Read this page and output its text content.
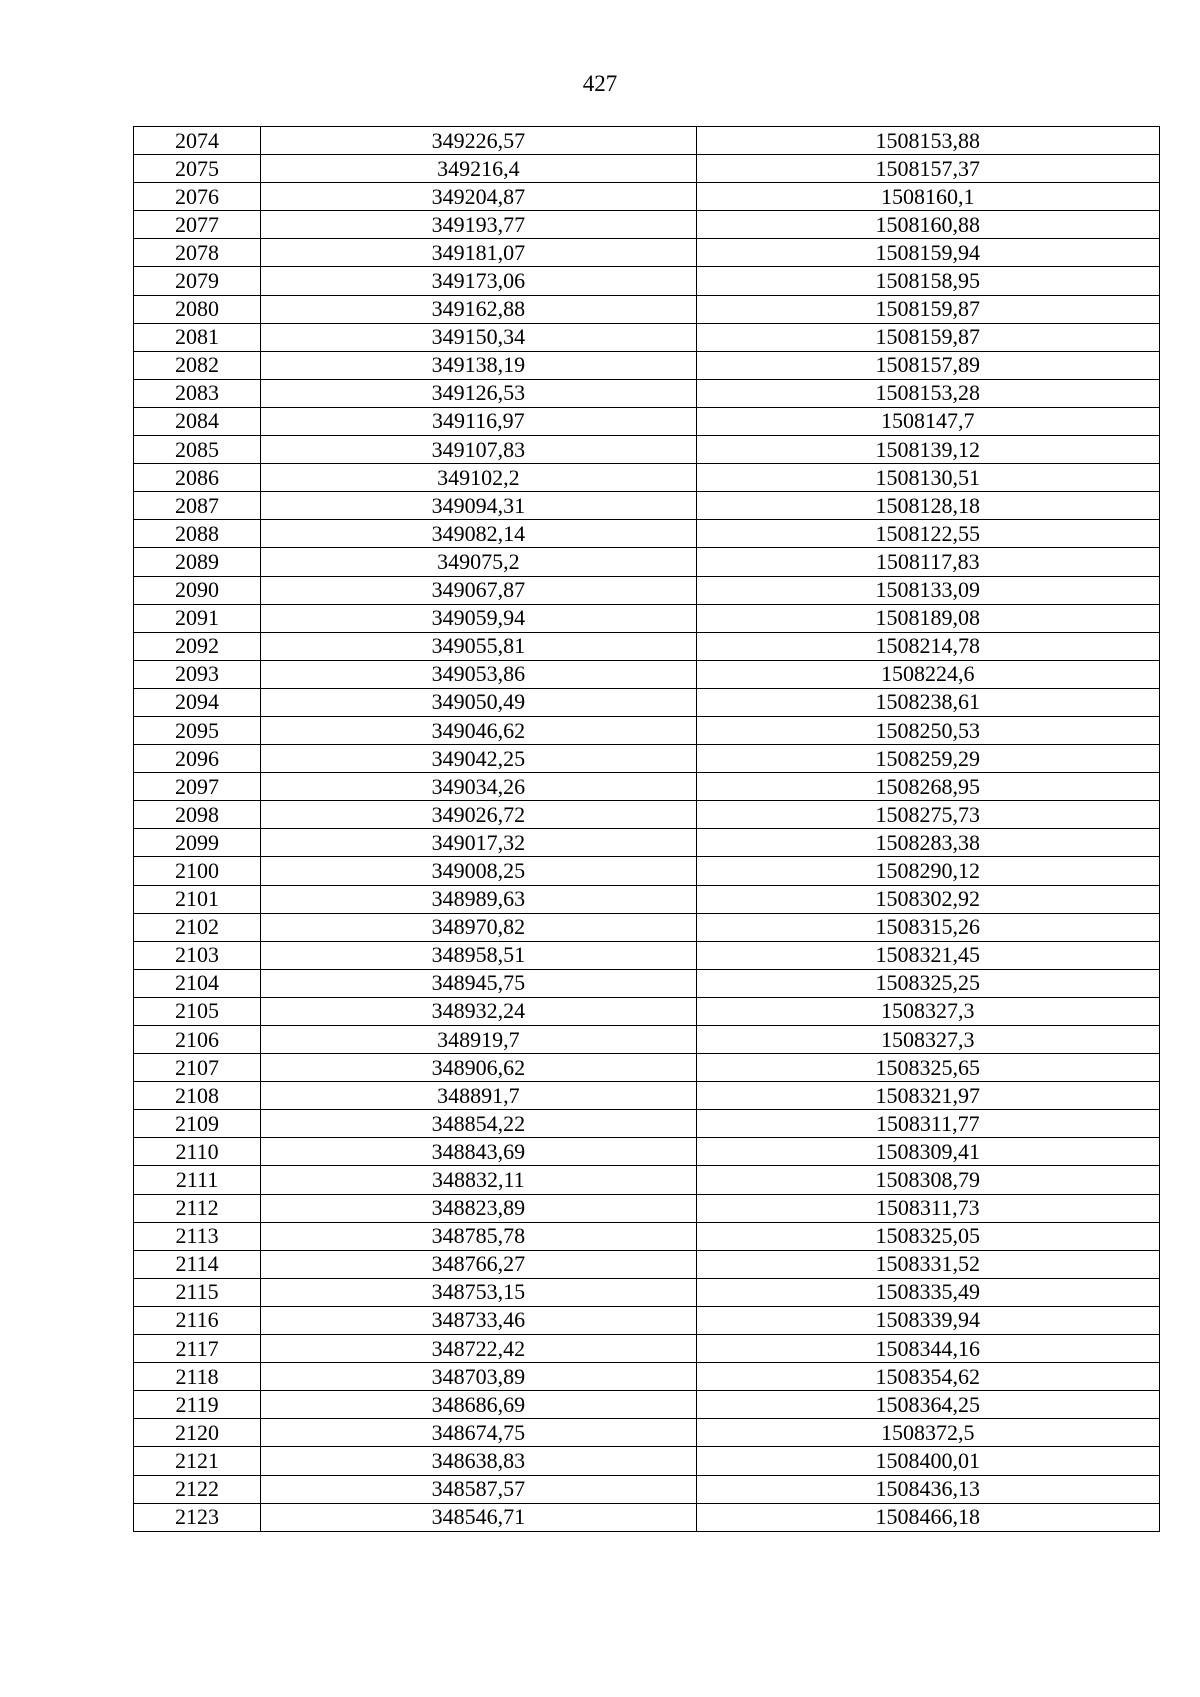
427
2074	349226,57	1508153,88
2075	349216,4	1508157,37
2076	349204,87	1508160,1
2077	349193,77	1508160,88
2078	349181,07	1508159,94
2079	349173,06	1508158,95
2080	349162,88	1508159,87
2081	349150,34	1508159,87
2082	349138,19	1508157,89
2083	349126,53	1508153,28
2084	349116,97	1508147,7
2085	349107,83	1508139,12
2086	349102,2	1508130,51
2087	349094,31	1508128,18
2088	349082,14	1508122,55
2089	349075,2	1508117,83
2090	349067,87	1508133,09
2091	349059,94	1508189,08
2092	349055,81	1508214,78
2093	349053,86	1508224,6
2094	349050,49	1508238,61
2095	349046,62	1508250,53
2096	349042,25	1508259,29
2097	349034,26	1508268,95
2098	349026,72	1508275,73
2099	349017,32	1508283,38
2100	349008,25	1508290,12
2101	348989,63	1508302,92
2102	348970,82	1508315,26
2103	348958,51	1508321,45
2104	348945,75	1508325,25
2105	348932,24	1508327,3
2106	348919,7	1508327,3
2107	348906,62	1508325,65
2108	348891,7	1508321,97
2109	348854,22	1508311,77
2110	348843,69	1508309,41
2111	348832,11	1508308,79
2112	348823,89	1508311,73
2113	348785,78	1508325,05
2114	348766,27	1508331,52
2115	348753,15	1508335,49
2116	348733,46	1508339,94
2117	348722,42	1508344,16
2118	348703,89	1508354,62
2119	348686,69	1508364,25
2120	348674,75	1508372,5
2121	348638,83	1508400,01
2122	348587,57	1508436,13
2123	348546,71	1508466,18
